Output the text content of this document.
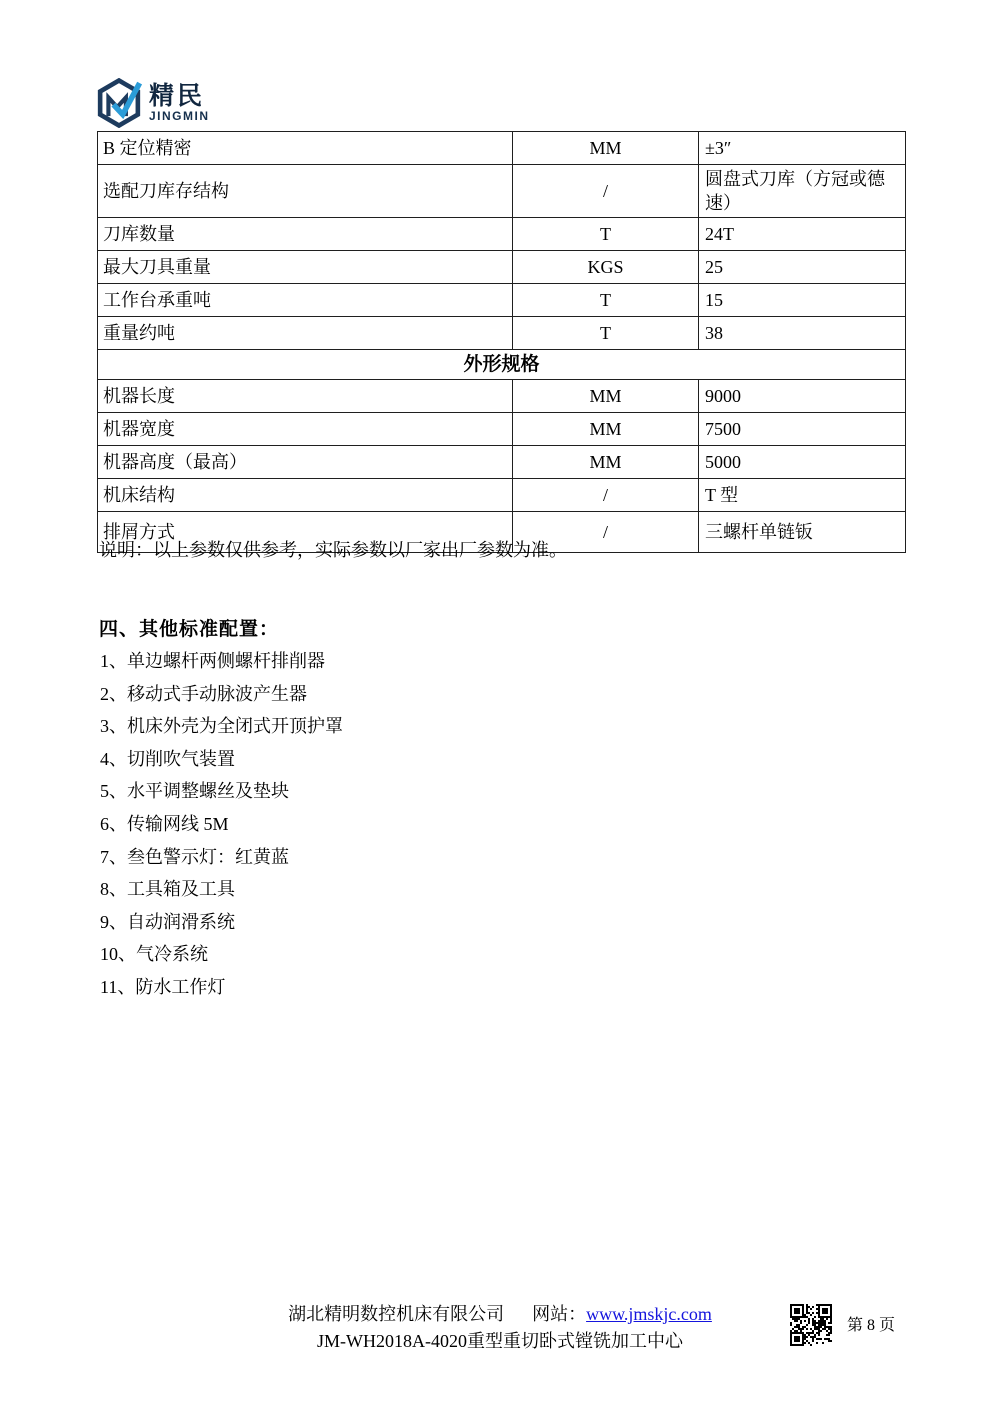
精民
JINGMIN
B 定位精密	MM	±3″
选配刀库存结构	/	圆盘式刀库（方冠或德速）
刀库数量	T	24T
最大刀具重量	KGS	25
工作台承重吨	T	15
重量约吨	T	38
外形规格		
机器长度	MM	9000
机器宽度	MM	7500
机器高度（最高）	MM	5000
机床结构	/	T 型
排屑方式	/	三螺杆单链钣
说明：以上参数仅供参考，实际参数以厂家出厂参数为准。
四、其他标准配置：
1、单边螺杆两侧螺杆排削器
2、移动式手动脉波产生器
3、机床外壳为全闭式开顶护罩
4、切削吹气装置
5、水平调整螺丝及垫块
6、传输网线 5M
7、叁色警示灯：红黄蓝
8、工具箱及工具
9、自动润滑系统
10、气冷系统
11、防水工作灯
湖北精明数控机床有限公司 网站：www.jmskjc.com
JM-WH2018A-4020重型重切卧式镗铣加工中心
第 8 页
